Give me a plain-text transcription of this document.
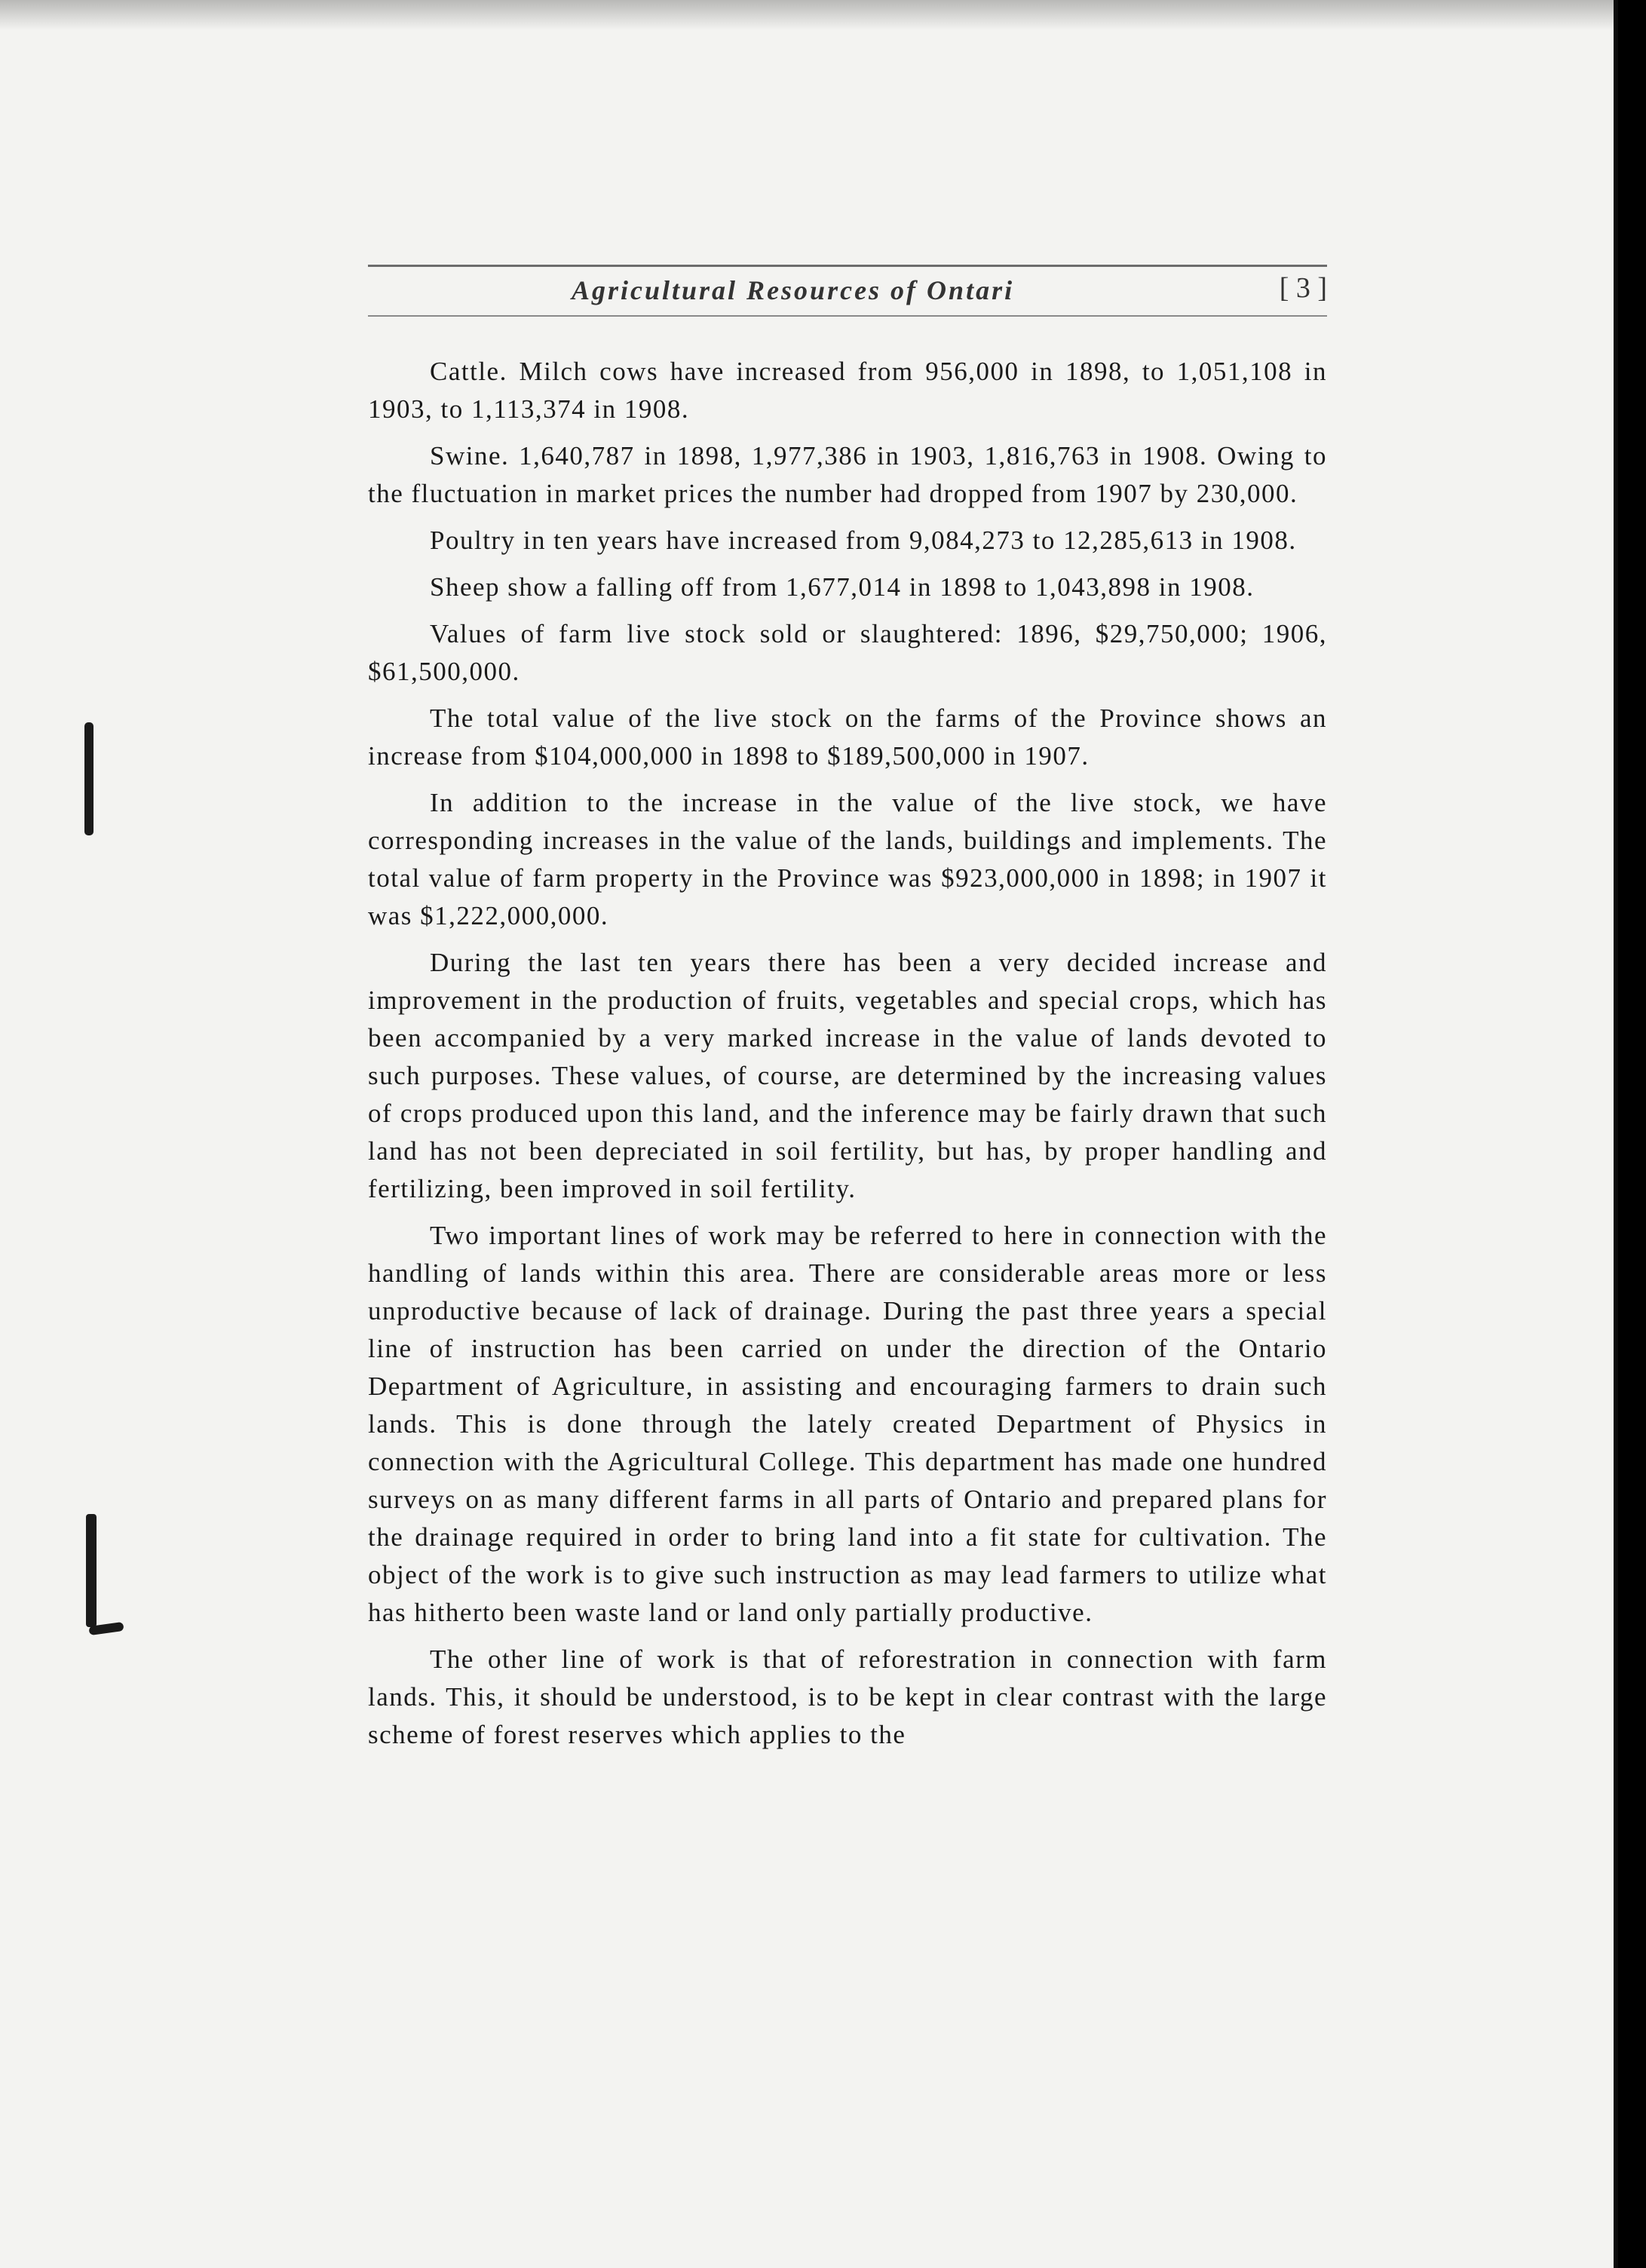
Agricultural Resources of Ontari	[ 3 ]

Cattle. Milch cows have increased from 956,000 in 1898, to 1,051,108 in 1903, to 1,113,374 in 1908.

Swine. 1,640,787 in 1898, 1,977,386 in 1903, 1,816,763 in 1908. Owing to the fluctuation in market prices the number had dropped from 1907 by 230,000.

Poultry in ten years have increased from 9,084,273 to 12,285,613 in 1908.

Sheep show a falling off from 1,677,014 in 1898 to 1,043,898 in 1908.

Values of farm live stock sold or slaughtered: 1896, $29,750,000; 1906, $61,500,000.

The total value of the live stock on the farms of the Province shows an increase from $104,000,000 in 1898 to $189,500,000 in 1907.

In addition to the increase in the value of the live stock, we have corresponding increases in the value of the lands, buildings and implements. The total value of farm property in the Province was $923,000,000 in 1898; in 1907 it was $1,222,000,000.

During the last ten years there has been a very decided increase and improvement in the production of fruits, vegetables and special crops, which has been accompanied by a very marked increase in the value of lands devoted to such purposes. These values, of course, are determined by the increasing values of crops produced upon this land, and the inference may be fairly drawn that such land has not been depreciated in soil fertility, but has, by proper handling and fertilizing, been improved in soil fertility.

Two important lines of work may be referred to here in connection with the handling of lands within this area. There are considerable areas more or less unproductive because of lack of drainage. During the past three years a special line of instruction has been carried on under the direction of the Ontario Department of Agriculture, in assisting and encouraging farmers to drain such lands. This is done through the lately created Department of Physics in connection with the Agricultural College. This department has made one hundred surveys on as many different farms in all parts of Ontario and prepared plans for the drainage required in order to bring land into a fit state for cultivation. The object of the work is to give such instruction as may lead farmers to utilize what has hitherto been waste land or land only partially productive.

The other line of work is that of reforestration in connection with farm lands. This, it should be understood, is to be kept in clear contrast with the large scheme of forest reserves which applies to the
